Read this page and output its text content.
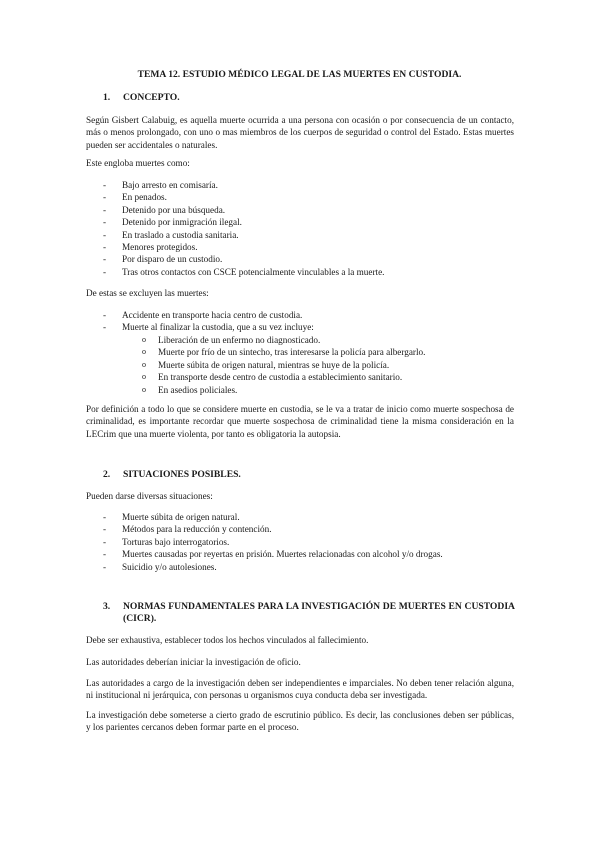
TEMA 12. ESTUDIO MÉDICO LEGAL DE LAS MUERTES EN CUSTODIA.
1. CONCEPTO.
Según Gisbert Calabuig, es aquella muerte ocurrida a una persona con ocasión o por consecuencia de un contacto, más o menos prolongado, con uno o mas miembros de los cuerpos de seguridad o control del Estado. Estas muertes pueden ser accidentales o naturales.
Este engloba muertes como:
- Bajo arresto en comisaría.
- En penados.
- Detenido por una búsqueda.
- Detenido por inmigración ilegal.
- En traslado a custodia sanitaria.
- Menores protegidos.
- Por disparo de un custodio.
- Tras otros contactos con CSCE potencialmente vinculables a la muerte.
De estas se excluyen las muertes:
- Accidente en transporte hacia centro de custodia.
- Muerte al finalizar la custodia, que a su vez incluye:
o Liberación de un enfermo no diagnosticado.
o Muerte por frío de un sintecho, tras interesarse la policía para albergarlo.
o Muerte súbita de origen natural, mientras se huye de la policía.
o En transporte desde centro de custodia a establecimiento sanitario.
o En asedios policiales.
Por definición a todo lo que se considere muerte en custodia, se le va a tratar de inicio como muerte sospechosa de criminalidad, es importante recordar que muerte sospechosa de criminalidad tiene la misma consideración en la LECrim que una muerte violenta, por tanto es obligatoria la autopsia.
2. SITUACIONES POSIBLES.
Pueden darse diversas situaciones:
- Muerte súbita de origen natural.
- Métodos para la reducción y contención.
- Torturas bajo interrogatorios.
- Muertes causadas por reyertas en prisión. Muertes relacionadas con alcohol y/o drogas.
- Suicidio y/o autolesiones.
3. NORMAS FUNDAMENTALES PARA LA INVESTIGACIÓN DE MUERTES EN CUSTODIA (CICR).
Debe ser exhaustiva, establecer todos los hechos vinculados al fallecimiento.
Las autoridades deberían iniciar la investigación de oficio.
Las autoridades a cargo de la investigación deben ser independientes e imparciales. No deben tener relación alguna, ni institucional ni jerárquica, con personas u organismos cuya conducta deba ser investigada.
La investigación debe someterse a cierto grado de escrutinio público. Es decir, las conclusiones deben ser públicas, y los parientes cercanos deben formar parte en el proceso.
